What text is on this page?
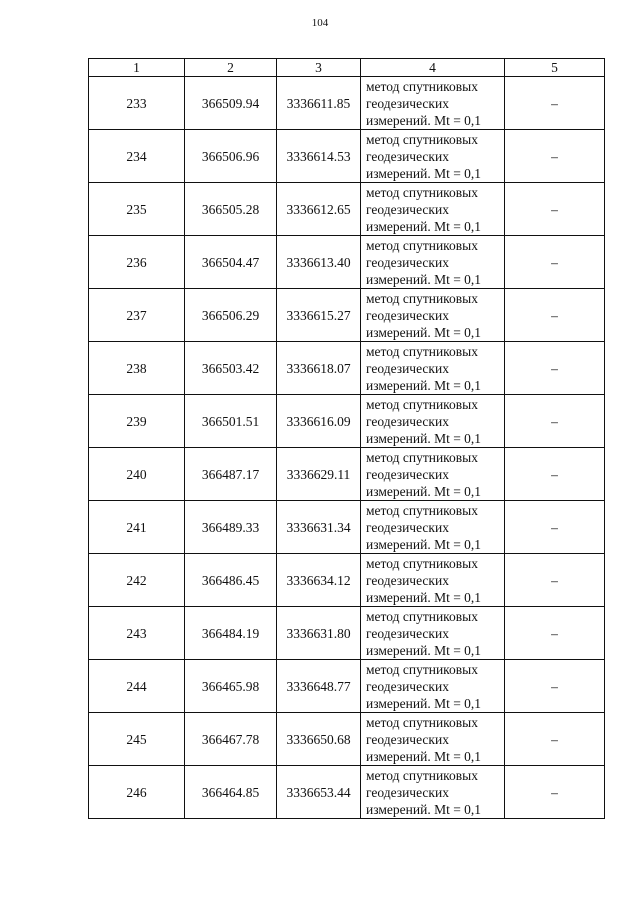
104
1	2	3	4	5
233	366509.94	3336611.85	метод спутниковых
геодезических
измерений. Mt = 0,1	–
234	366506.96	3336614.53	метод спутниковых
геодезических
измерений. Mt = 0,1	–
235	366505.28	3336612.65	метод спутниковых
геодезических
измерений. Mt = 0,1	–
236	366504.47	3336613.40	метод спутниковых
геодезических
измерений. Mt = 0,1	–
237	366506.29	3336615.27	метод спутниковых
геодезических
измерений. Mt = 0,1	–
238	366503.42	3336618.07	метод спутниковых
геодезических
измерений. Mt = 0,1	–
239	366501.51	3336616.09	метод спутниковых
геодезических
измерений. Mt = 0,1	–
240	366487.17	3336629.11	метод спутниковых
геодезических
измерений. Mt = 0,1	–
241	366489.33	3336631.34	метод спутниковых
геодезических
измерений. Mt = 0,1	–
242	366486.45	3336634.12	метод спутниковых
геодезических
измерений. Mt = 0,1	–
243	366484.19	3336631.80	метод спутниковых
геодезических
измерений. Mt = 0,1	–
244	366465.98	3336648.77	метод спутниковых
геодезических
измерений. Mt = 0,1	–
245	366467.78	3336650.68	метод спутниковых
геодезических
измерений. Mt = 0,1	–
246	366464.85	3336653.44	метод спутниковых
геодезических
измерений. Mt = 0,1	–
